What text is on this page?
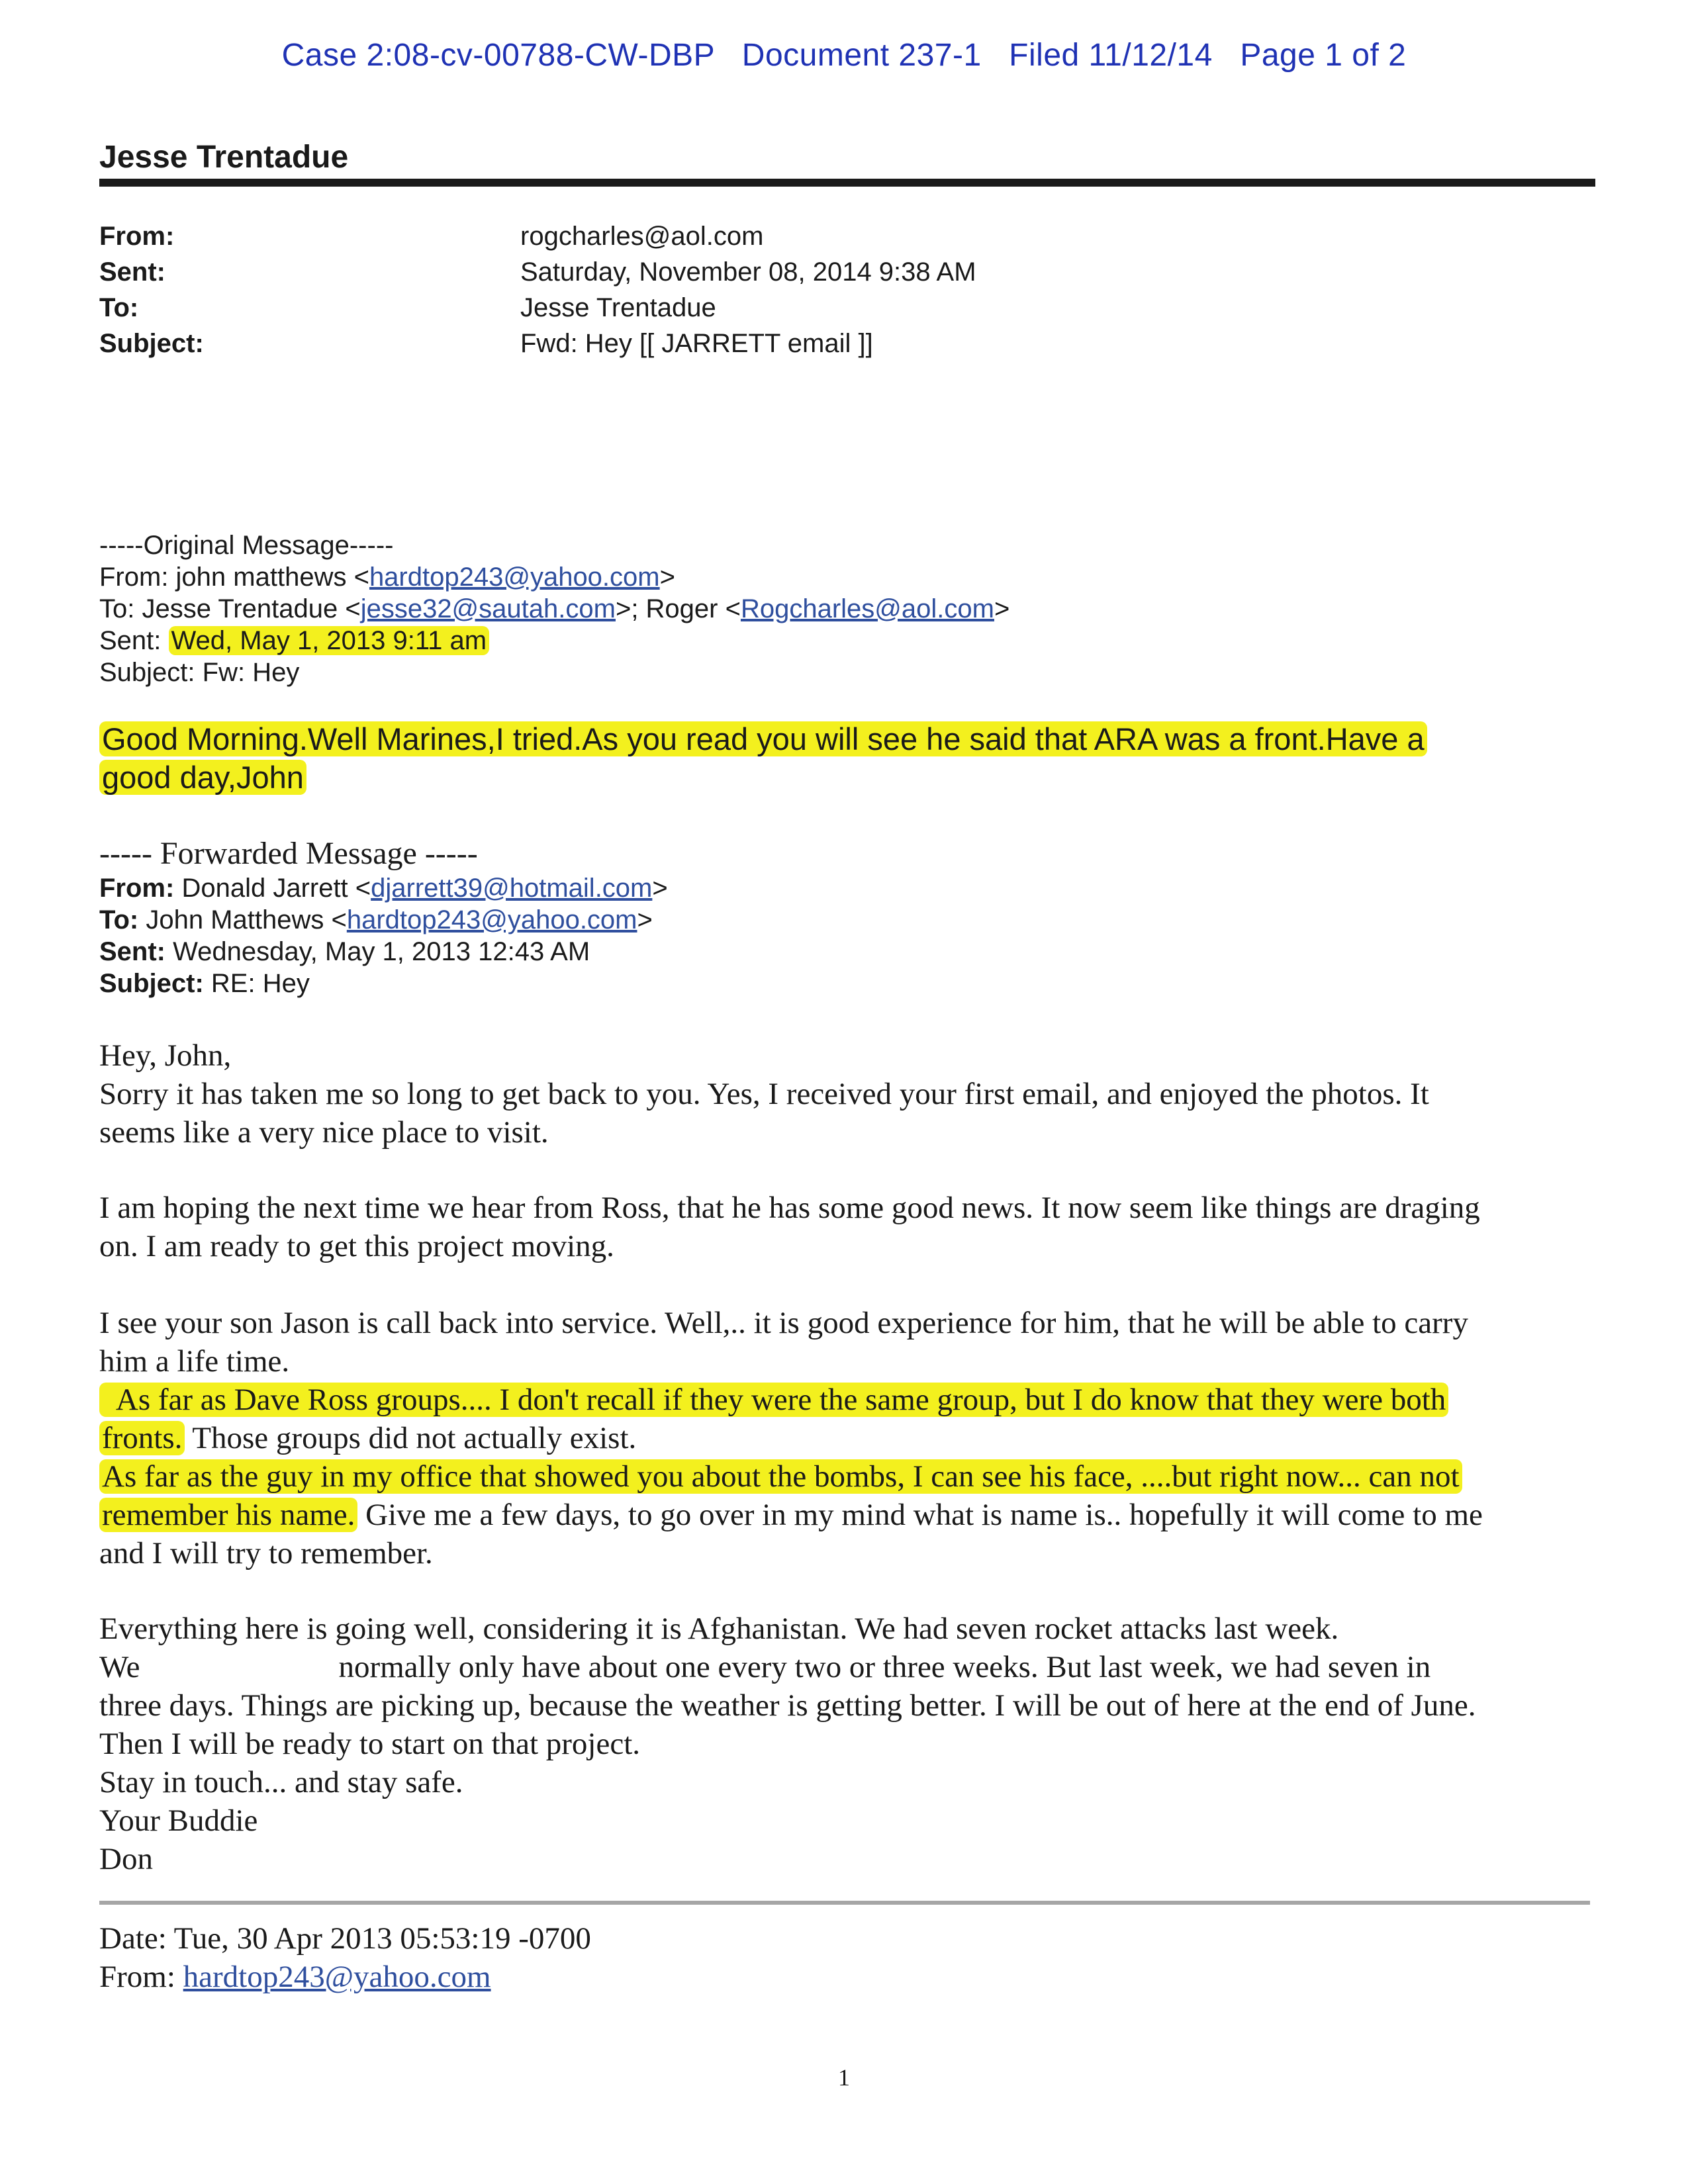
Case 2:08-cv-00788-CW-DBP   Document 237-1   Filed 11/12/14   Page 1 of 2
Jesse Trentadue
From:	rogcharles@aol.com
Sent:	Saturday, November 08, 2014 9:38 AM
To:	Jesse Trentadue
Subject:	Fwd: Hey [[ JARRETT email ]]
-----Original Message-----
From: john matthews <hardtop243@yahoo.com>
To: Jesse Trentadue <jesse32@sautah.com>; Roger <Rogcharles@aol.com>
Sent: Wed, May 1, 2013 9:11 am
Subject: Fw: Hey
Good Morning.Well Marines,I tried.As you read you will see he said that ARA was a front.Have a
good day,John
----- Forwarded Message -----
From: Donald Jarrett <djarrett39@hotmail.com>
To: John Matthews <hardtop243@yahoo.com>
Sent: Wednesday, May 1, 2013 12:43 AM
Subject: RE: Hey
Hey, John,
Sorry it has taken me so long to get back to you. Yes, I received your first email, and enjoyed the photos. It
seems like a very nice place to visit.
I am hoping the next time we hear from Ross, that he has some good news. It now seem like things are draging
on. I am ready to get this project moving.
I see your son Jason is call back into service. Well,.. it is good experience for him, that he will be able to carry
him a life time.
As far as Dave Ross groups.... I don't recall if they were the same group, but I do know that they were both
fronts. Those groups did not actually exist.
As far as the guy in my office that showed you about the bombs, I can see his face, ....but right now... can not
remember his name. Give me a few days, to go over in my mind what is name is.. hopefully it will come to me
and I will try to remember.
Everything here is going well, considering it is Afghanistan. We had seven rocket attacks last week.
We	normally only have about one every two or three weeks. But last week, we had seven in
three days. Things are picking up, because the weather is getting better. I will be out of here at the end of June.
Then I will be ready to start on that project.
Stay in touch... and stay safe.
Your Buddie
Don
Date: Tue, 30 Apr 2013 05:53:19 -0700
From: hardtop243@yahoo.com
1
